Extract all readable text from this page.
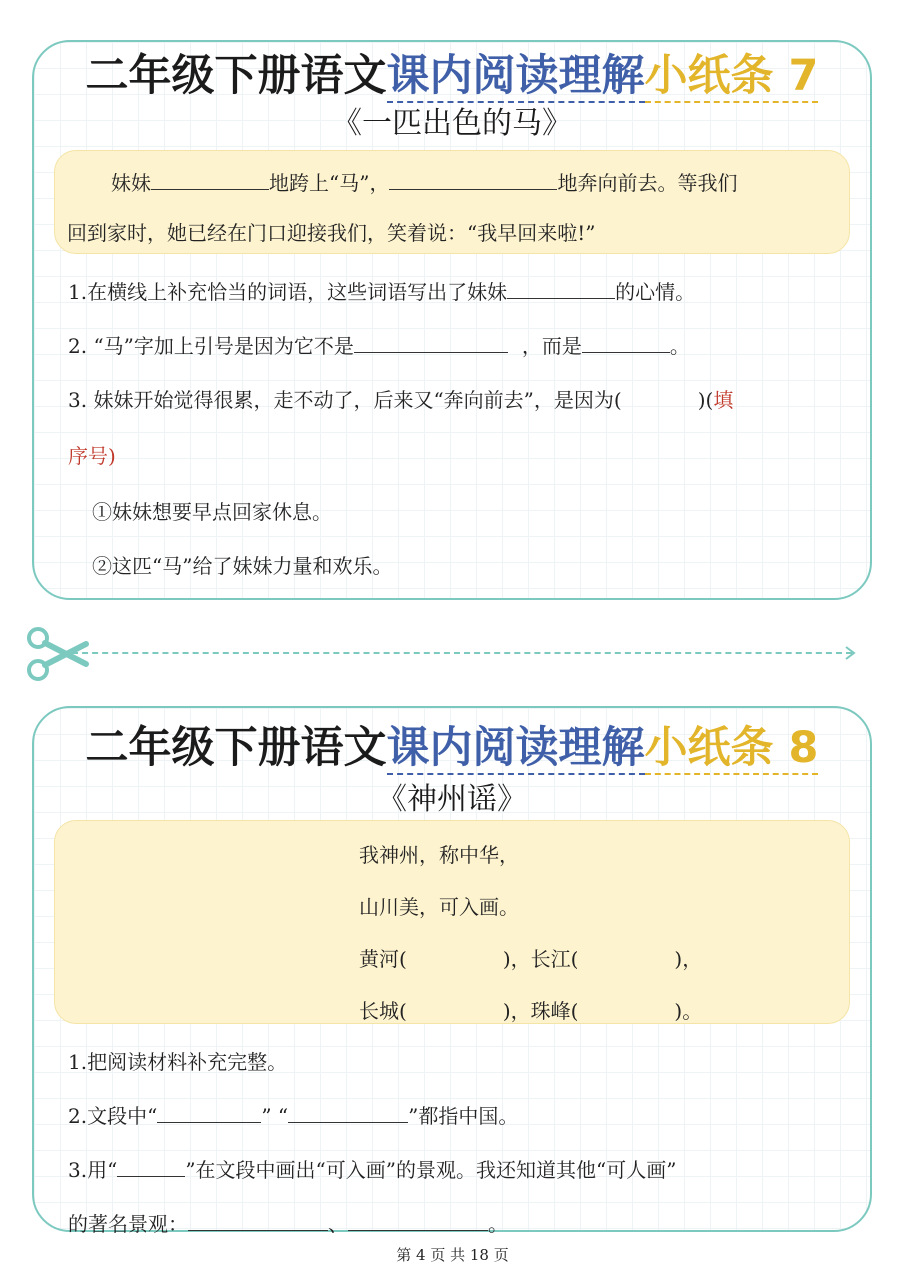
二年级下册语文课内阅读理解小纸条 7
《一匹出色的马》
妹妹	地跨上“马”，	地奔向前去。等我们
回到家时，她已经在门口迎接我们，笑着说：“我早回来啦!”
1.在横线上补充恰当的词语，这些词语写出了妹妹	的心情。
2. “马”字加上引号是因为它不是	，而是	。
3. 妹妹开始觉得很累，走不动了，后来又“奔向前去”，是因为(	)(填
序号)
①妹妹想要早点回家休息。
②这匹“马”给了妹妹力量和欢乐。
二年级下册语文课内阅读理解小纸条 8
《神州谣》
我神州，称中华，
山川美，可入画。
黄河(	)，长江(	)，
长城(	)，珠峰(	)。
1.把阅读材料补充完整。
2.文段中“	” “	”都指中国。
3.用“	”在文段中画出“可入画”的景观。我还知道其他“可人画”
的著名景观：	、	。
第 4 页 共 18 页
